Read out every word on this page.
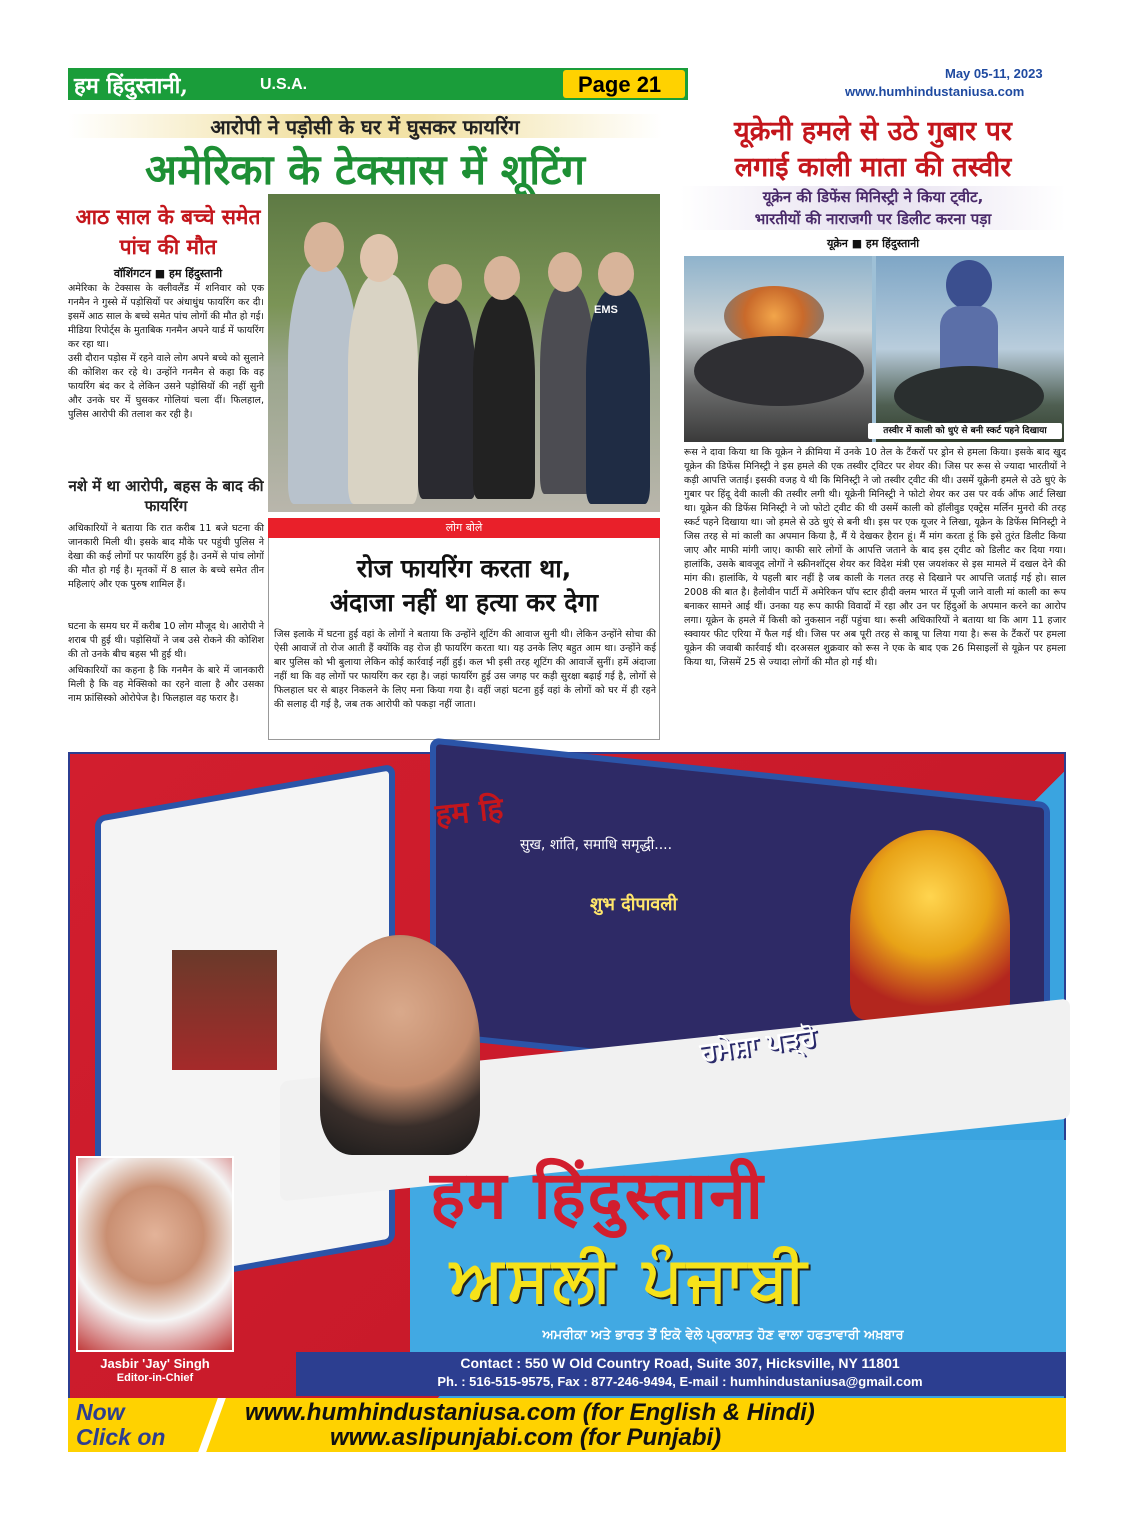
हम हिंदुस्तानी,	U.S.A.	Page 21	May 05-11, 2023
www.humhindustaniusa.com
आरोपी ने पड़ोसी के घर में घुसकर फायरिंग
अमेरिका के टेक्सास में शूटिंग
आठ साल के बच्चे समेत पांच की मौत
वॉशिंगटन ■ हम हिंदुस्तानी
अमेरिका के टेक्सास के क्लीवलैंड में शनिवार को एक गनमैन ने गुस्से में पड़ोसियों पर अंधाधुंध फायरिंग कर दी। इसमें आठ साल के बच्चे समेत पांच लोगों की मौत हो गई। मीडिया रिपोर्ट्स के मुताबिक गनमैन अपने यार्ड में फायरिंग कर रहा था।
उसी दौरान पड़ोस में रहने वाले लोग अपने बच्चे को सुलाने की कोशिश कर रहे थे। उन्होंने गनमैन से कहा कि वह फायरिंग बंद कर दे लेकिन उसने पड़ोसियों की नहीं सुनी और उनके घर में घुसकर गोलियां चला दीं। फिलहाल, पुलिस आरोपी की तलाश कर रही है।
नशे में था आरोपी, बहस के बाद की फायरिंग
अधिकारियों ने बताया कि रात करीब 11 बजे घटना की जानकारी मिली थी। इसके बाद मौके पर पहुंची पुलिस ने देखा की कई लोगों पर फायरिंग हुई है। उनमें से पांच लोगों की मौत हो गई है। मृतकों में 8 साल के बच्चे समेत तीन महिलाएं और एक पुरुष शामिल हैं।
घटना के समय घर में करीब 10 लोग मौजूद थे। आरोपी ने शराब पी हुई थी। पड़ोसियों ने जब उसे रोकने की कोशिश की तो उनके बीच बहस भी हुई थी।
अधिकारियों का कहना है कि गनमैन के बारे में जानकारी मिली है कि वह मेक्सिको का रहने वाला है और उसका नाम फ्रांसिस्को ओरोपेज है। फिलहाल वह फरार है।
EMS
लोग बोले
रोज फायरिंग करता था,
अंदाजा नहीं था हत्या कर देगा
जिस इलाके में घटना हुई वहां के लोगों ने बताया कि उन्होंने शूटिंग की आवाज सुनी थी। लेकिन उन्होंने सोचा की ऐसी आवाजें तो रोज आती हैं क्योंकि वह रोज ही फायरिंग करता था। यह उनके लिए बहुत आम था। उन्होंने कई बार पुलिस को भी बुलाया लेकिन कोई कार्रवाई नहीं हुई। कल भी इसी तरह शूटिंग की आवाजें सुनीं। हमें अंदाजा नहीं था कि वह लोगों पर फायरिंग कर रहा है। जहां फायरिंग हुई उस जगह पर कड़ी सुरक्षा बढ़ाई गई है, लोगों से फिलहाल घर से बाहर निकलने के लिए मना किया गया है। वहीं जहां घटना हुई वहां के लोगों को घर में ही रहने की सलाह दी गई है, जब तक आरोपी को पकड़ा नहीं जाता।
यूक्रेनी हमले से उठे गुबार पर
लगाई काली माता की तस्वीर
यूक्रेन की डिफेंस मिनिस्ट्री ने किया ट्वीट,
भारतीयों की नाराजगी पर डिलीट करना पड़ा
यूक्रेन ■ हम हिंदुस्तानी
तस्वीर में काली को धुएं से बनी स्कर्ट पहने दिखाया
रूस ने दावा किया था कि यूक्रेन ने क्रीमिया में उनके 10 तेल के टैंकरों पर ड्रोन से हमला किया। इसके बाद खुद यूक्रेन की डिफेंस मिनिस्ट्री ने इस हमले की एक तस्वीर ट्विटर पर शेयर की। जिस पर रूस से ज्यादा भारतीयों ने कड़ी आपत्ति जताई। इसकी वजह ये थी कि मिनिस्ट्री ने जो तस्वीर ट्वीट की थी। उसमें यूक्रेनी हमले से उठे धुएं के गुबार पर हिंदू देवी काली की तस्वीर लगी थी। यूक्रेनी मिनिस्ट्री ने फोटो शेयर कर उस पर वर्क ऑफ आर्ट लिखा था। यूक्रेन की डिफेंस मिनिस्ट्री ने जो फोटो ट्वीट की थी उसमें काली को हॉलीवुड एक्ट्रेस मर्लिन मुनरो की तरह स्कर्ट पहने दिखाया था। जो हमले से उठे धुएं से बनी थी। इस पर एक यूजर ने लिखा, यूक्रेन के डिफेंस मिनिस्ट्री ने जिस तरह से मां काली का अपमान किया है, मैं ये देखकर हैरान हूं। मैं मांग करता हूं कि इसे तुरंत डिलीट किया जाए और माफी मांगी जाए। काफी सारे लोगों के आपत्ति जताने के बाद इस ट्वीट को डिलीट कर दिया गया। हालांकि, उसके बावजूद लोगों ने स्क्रीनशॉट्स शेयर कर विदेश मंत्री एस जयशंकर से इस मामले में दखल देने की मांग की। हालांकि, ये पहली बार नहीं है जब काली के गलत तरह से दिखाने पर आपत्ति जताई गई हो। साल 2008 की बात है। हैलोवीन पार्टी में अमेरिकन पॉप स्टार हीदी क्लम भारत में पूजी जाने वाली मां काली का रूप बनाकर सामने आई थीं। उनका यह रूप काफी विवादों में रहा और उन पर हिंदुओं के अपमान करने का आरोप लगा। यूक्रेन के हमले में किसी को नुकसान नहीं पहुंचा था। रूसी अधिकारियों ने बताया था कि आग 11 हजार स्क्वायर फीट एरिया में फैल गई थी। जिस पर अब पूरी तरह से काबू पा लिया गया है। रूस के टैंकरों पर हमला यूक्रेन की जवाबी कार्रवाई थी। दरअसल शुक्रवार को रूस ने एक के बाद एक 26 मिसाइलों से यूक्रेन पर हमला किया था, जिसमें 25 से ज्यादा लोगों की मौत हो गई थी।
हम हि
सुख, शांति, समाधि समृद्धी....
शुभ दीपावली
ਹਮੇਸ਼ਾ ਪੜ੍ਹੋ
हम हिंदुस्तानी
ਅਸਲੀ ਪੰਜਾਬੀ
ਅਮਰੀਕਾ ਅਤੇ ਭਾਰਤ ਤੋਂ ਇਕੋ ਵੇਲੇ ਪ੍ਰਕਾਸ਼ਤ ਹੋਣ ਵਾਲਾ ਹਫਤਾਵਾਰੀ ਅਖ਼ਬਾਰ
Jasbir 'Jay' Singh
Editor-in-Chief
Contact : 550 W Old Country Road, Suite 307, Hicksville, NY 11801
Ph. : 516-515-9575, Fax : 877-246-9494, E-mail : humhindustaniusa@gmail.com
Now
Click on
www.humhindustaniusa.com (for English & Hindi)
www.aslipunjabi.com (for Punjabi)
